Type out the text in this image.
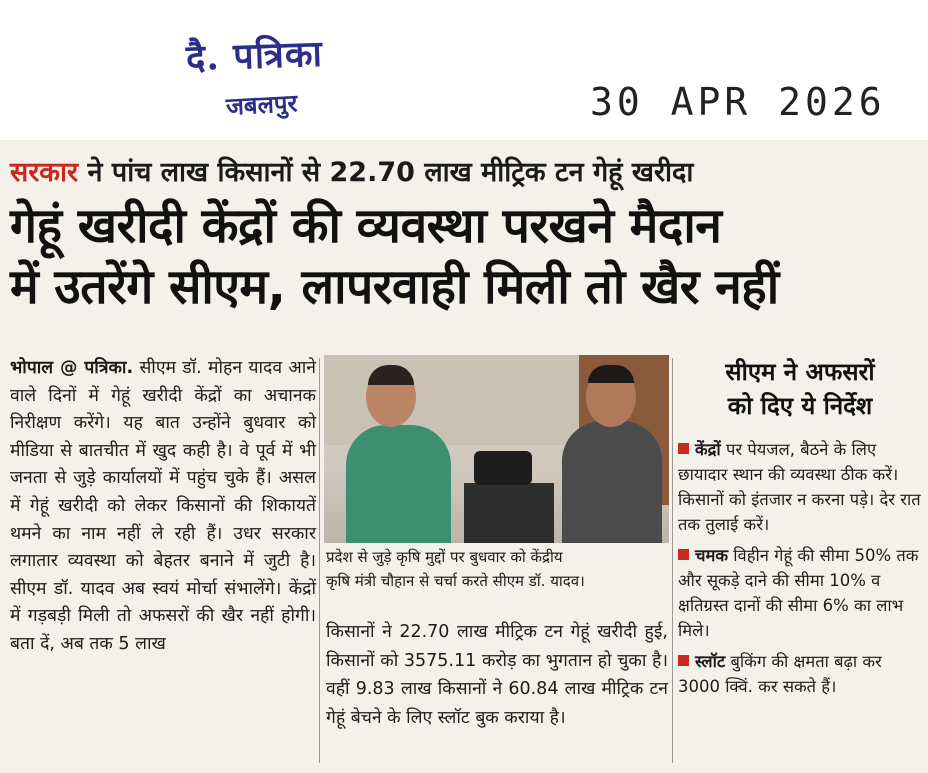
दै. पत्रिका
जबलपुर	30 APR 2026
सरकार ने पांच लाख किसानों से 22.70 लाख मीट्रिक टन गेहूं खरीदा
गेहूं खरीदी केंद्रों की व्यवस्था परखने मैदान
में उतरेंगे सीएम, लापरवाही मिली तो खैर नहीं
भोपाल @ पत्रिका. सीएम डॉ. मोहन यादव आने वाले दिनों में गेहूं खरीदी केंद्रों का अचानक निरीक्षण करेंगे। यह बात उन्होंने बुधवार को मीडिया से बातचीत में खुद कही है। वे पूर्व में भी जनता से जुड़े कार्यालयों में पहुंच चुके हैं। असल में गेहूं खरीदी को लेकर किसानों की शिकायतें थमने का नाम नहीं ले रही हैं। उधर सरकार लगातार व्यवस्था को बेहतर बनाने में जुटी है। सीएम डॉ. यादव अब स्वयं मोर्चा संभालेंगे। केंद्रों में गड़बड़ी मिली तो अफसरों की खैर नहीं होगी। बता दें, अब तक 5 लाख
प्रदेश से जुड़े कृषि मुद्दों पर बुधवार को केंद्रीय
कृषि मंत्री चौहान से चर्चा करते सीएम डॉ. यादव।
किसानों ने 22.70 लाख मीट्रिक टन गेहूं खरीदी हुई, किसानों को 3575.11 करोड़ का भुगतान हो चुका है। वहीं 9.83 लाख किसानों ने 60.84 लाख मीट्रिक टन गेहूं बेचने के लिए स्लॉट बुक कराया है।
सीएम ने अफसरों
को दिए ये निर्देश
केंद्रों पर पेयजल, बैठने के लिए छायादार स्थान की व्यवस्था ठीक करें। किसानों को इंतजार न करना पड़े। देर रात तक तुलाई करें।
चमक विहीन गेहूं की सीमा 50% तक और सूकड़े दाने की सीमा 10% व क्षतिग्रस्त दानों की सीमा 6% का लाभ मिले।
स्लॉट बुकिंग की क्षमता बढ़ा कर 3000 क्विं. कर सकते हैं।
